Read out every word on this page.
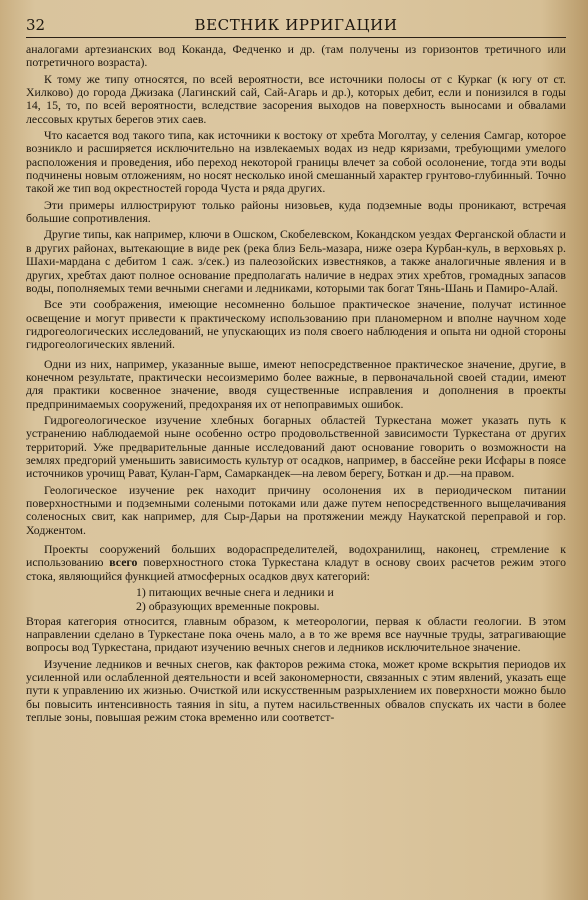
32	ВЕСТНИК ИРРИГАЦИИ

аналогами артезианских вод Коканда, Федченко и др. (там получены из горизонтов третичного или потретичного возраста).

К тому же типу относятся, по всей вероятности, все источники полосы от с Куркаг (к югу от ст. Хилково) до города Джизака (Лагинский сай, Сай-Агарь и др.), которых дебит, если и понизился в годы 14, 15, то, по всей вероятности, вследствие засорения выходов на поверхность выносами и обвалами лессовых крутых берегов этих саев.

Что касается вод такого типа, как источники к востоку от хребта Моголтау, у селения Самгар, которое возникло и расширяется исключительно на извлекаемых водах из недр кяризами, требующими умелого расположения и проведения, ибо переход некоторой границы влечет за собой осолонение, тогда эти воды подчинены новым отложениям, но носят несколько иной смешанный характер грунтово-глубинный. Точно такой же тип вод окрестностей города Чуста и ряда других.

Эти примеры иллюстрируют только районы низовьев, куда подземные воды проникают, встречая большие сопротивления.

Другие типы, как например, ключи в Ошском, Скобелевском, Кокандском уездах Ферганской области и в других районах, вытекающие в виде рек (река близ Бель-мазара, ниже озера Курбан-куль, в верховьях р. Шахи-мардана с дебитом 1 саж. з/сек.) из палеозойских известняков, а также аналогичные явления и в других, хребтах дают полное основание предполагать наличие в недрах этих хребтов, громадных запасов воды, пополняемых теми вечными снегами и ледниками, которыми так богат Тянь-Шань и Памиро-Алай.

Все эти соображения, имеющие несомненно большое практическое значение, получат истинное освещение и могут привести к практическому использованию при планомерном и вполне научном ходе гидрогеологических исследований, не упускающих из поля своего наблюдения и опыта ни одной стороны гидрогеологических явлений.

Одни из них, например, указанные выше, имеют непосредственное практическое значение, другие, в конечном результате, практически несоизмеримо более важные, в первоначальной своей стадии, имеют для практики косвенное значение, вводя существенные исправления и дополнения в проекты предпринимаемых сооружений, предохраняя их от непоправимых ошибок.

Гидрогеологическое изучение хлебных богарных областей Туркестана может указать путь к устранению наблюдаемой ныне особенно остро продовольственной зависимости Туркестана от других территорий. Уже предварительные данные исследований дают основание говорить о возможности на землях предгорий уменьшить зависимость культур от осадков, например, в бассейне реки Исфары в поясе источников урочищ Рават, Кулан-Гарм, Самаркандек—на левом берегу, Боткан и др.—на правом.

Геологическое изучение рек находит причину осолонения их в периодическом питании поверхностными и подземными солеными потоками или даже путем непосредственного выщелачивания соленосных свит, как например, для Сыр-Дарьи на протяжении между Наукатской переправой и гор. Ходжентом.

Проекты сооружений больших водораспределителей, водохранилищ, наконец, стремление к использованию всего поверхностного стока Туркестана кладут в основу своих расчетов режим этого стока, являющийся функцией атмосферных осадков двух категорий:

1) питающих вечные снега и ледники и

2) образующих временные покровы.

Вторая категория относится, главным образом, к метеорологии, первая к области геологии. В этом направлении сделано в Туркестане пока очень мало, а в то же время все научные труды, затрагивающие вопросы вод Туркестана, придают изучению вечных снегов и ледников исключительное значение.

Изучение ледников и вечных снегов, как факторов режима стока, может кроме вскрытия периодов их усиленной или ослабленной деятельности и всей закономерности, связанных с этим явлений, указать еще пути к управлению их жизнью. Очисткой или искусственным разрыхлением их поверхности можно было бы повысить интенсивность таяния in situ, а путем насильственных обвалов спускать их части в более теплые зоны, повышая режим стока временно или соответст-
